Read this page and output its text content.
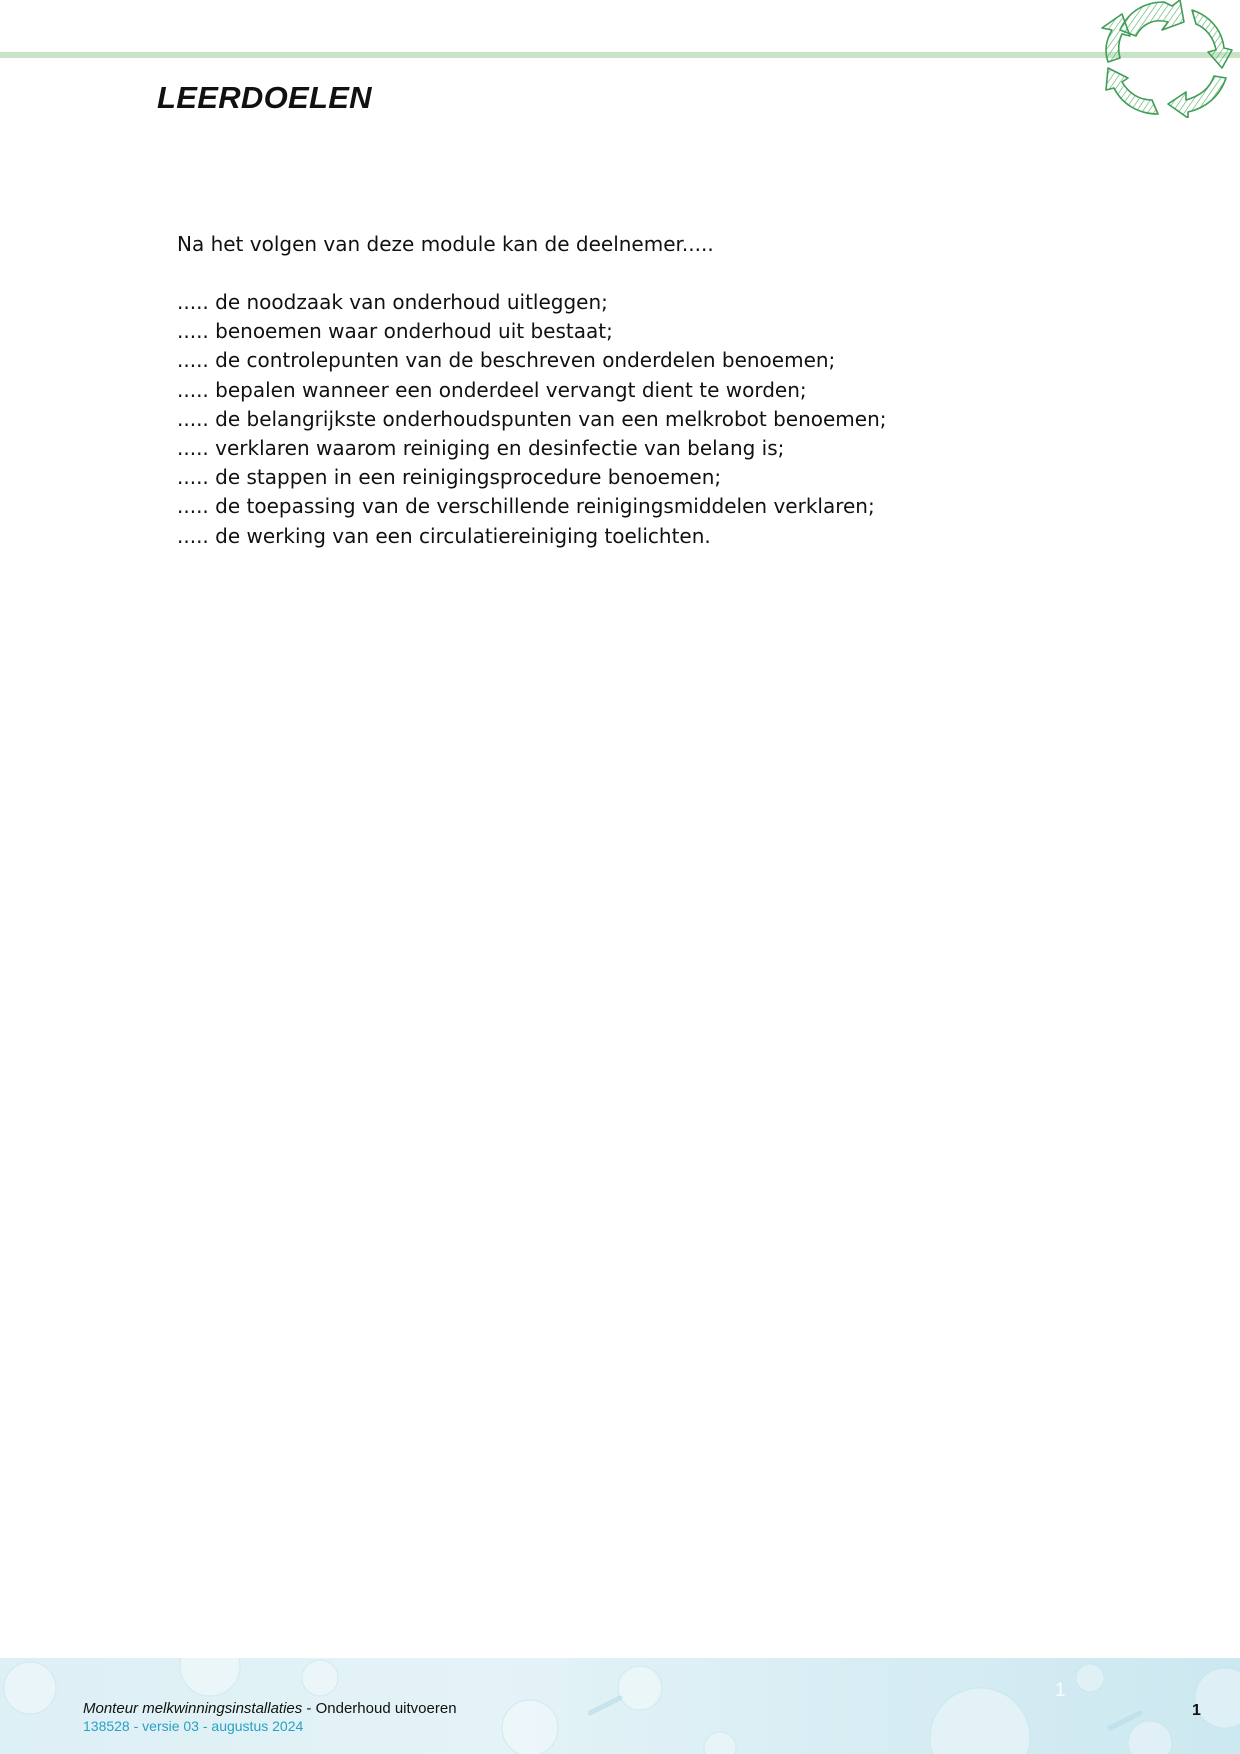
LEERDOELEN

Na het volgen van deze module kan de deelnemer.....

..... de noodzaak van onderhoud uitleggen;
..... benoemen waar onderhoud uit bestaat;
..... de controlepunten van de beschreven onderdelen benoemen;
..... bepalen wanneer een onderdeel vervangt dient te worden;
..... de belangrijkste onderhoudspunten van een melkrobot benoemen;
..... verklaren waarom reiniging en desinfectie van belang is;
..... de stappen in een reinigingsprocedure benoemen;
..... de toepassing van de verschillende reinigingsmiddelen verklaren;
..... de werking van een circulatiereiniging toelichten.
Monteur melkwinningsinstallaties - Onderhoud uitvoeren
138528 - versie 03 - augustus 2024
1
1
